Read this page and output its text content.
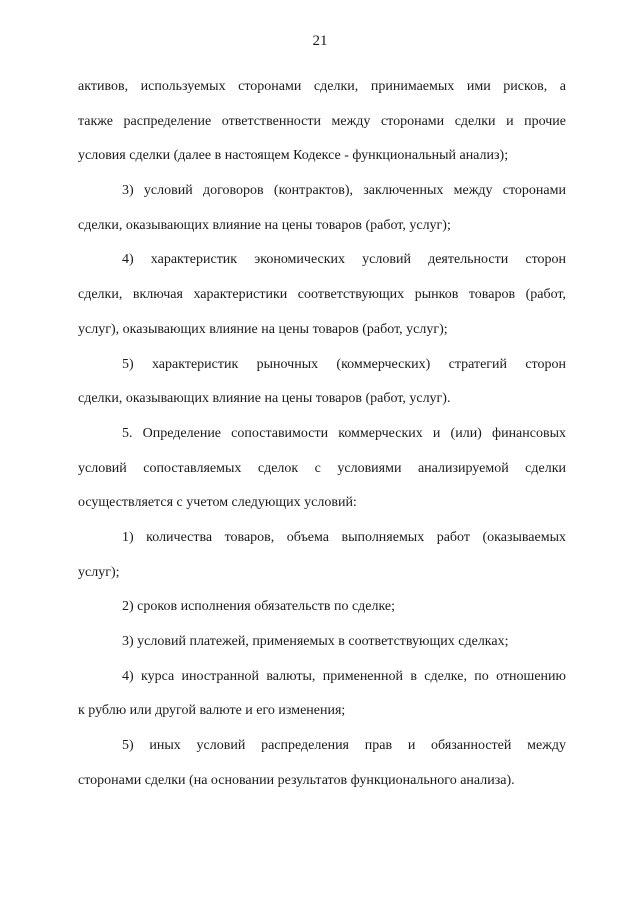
21
активов, используемых сторонами сделки, принимаемых ими рисков, а
также распределение ответственности между сторонами сделки и прочие
условия сделки (далее в настоящем Кодексе - функциональный анализ);
3) условий договоров (контрактов), заключенных между сторонами
сделки, оказывающих влияние на цены товаров (работ, услуг);
4) характеристик экономических условий деятельности сторон
сделки, включая характеристики соответствующих рынков товаров (работ,
услуг), оказывающих влияние на цены товаров (работ, услуг);
5) характеристик рыночных (коммерческих) стратегий сторон
сделки, оказывающих влияние на цены товаров (работ, услуг).
5. Определение сопоставимости коммерческих и (или) финансовых
условий сопоставляемых сделок с условиями анализируемой сделки
осуществляется с учетом следующих условий:
1) количества товаров, объема выполняемых работ (оказываемых
услуг);
2) сроков исполнения обязательств по сделке;
3) условий платежей, применяемых в соответствующих сделках;
4) курса иностранной валюты, примененной в сделке, по отношению
к рублю или другой валюте и его изменения;
5) иных условий распределения прав и обязанностей между
сторонами сделки (на основании результатов функционального анализа).
